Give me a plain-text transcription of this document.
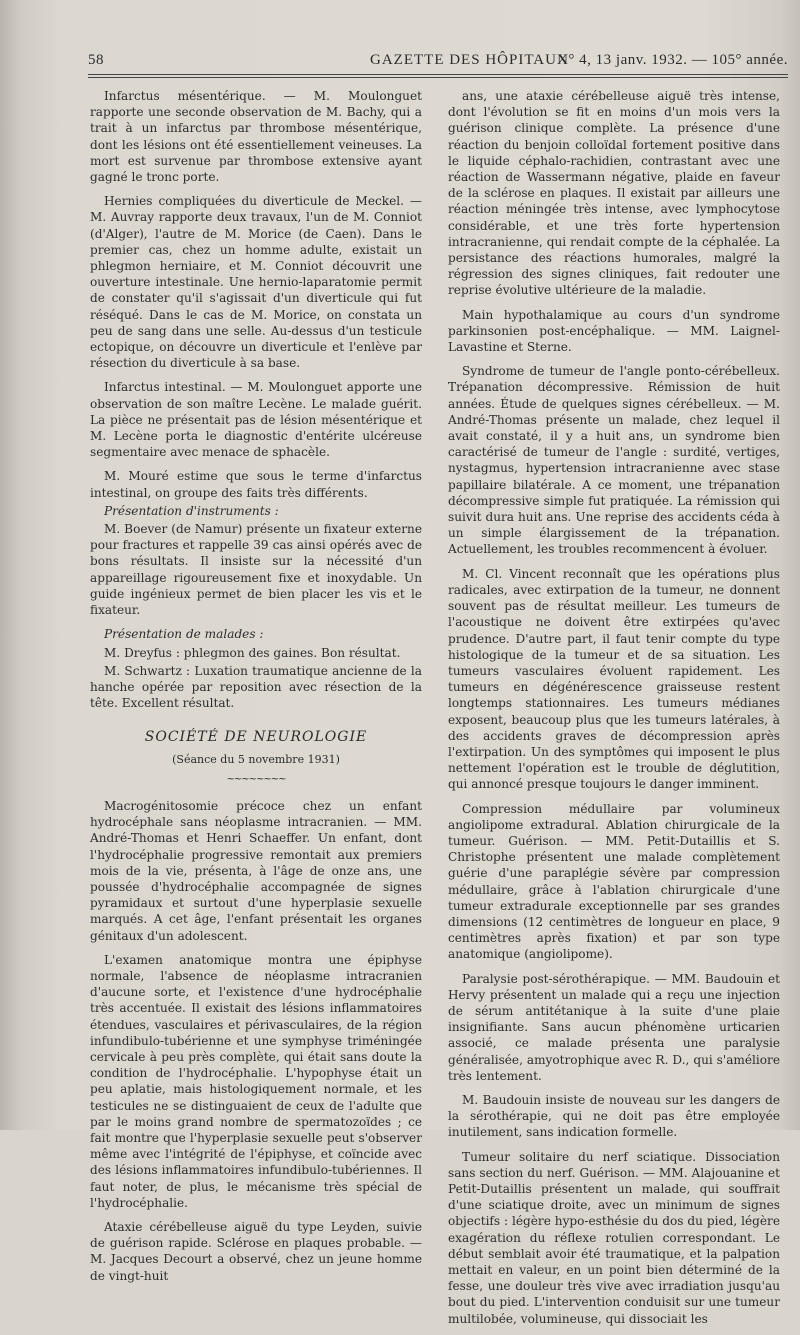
58	GAZETTE DES HÔPITAUX
N° 4, 13 janv. 1932. — 105° année.

Infarctus mésentérique. — M. Moulonguet rapporte une seconde observation de M. Bachy, qui a trait à un infarctus par thrombose mésentérique, dont les lésions ont été essentiellement veineuses. La mort est survenue par thrombose extensive ayant gagné le tronc porte.

Hernies compliquées du diverticule de Meckel. — M. Auvray rapporte deux travaux, l'un de M. Conniot (d'Alger), l'autre de M. Morice (de Caen). Dans le premier cas, chez un homme adulte, existait un phlegmon herniaire, et M. Conniot découvrit une ouverture intestinale. Une hernio-laparatomie permit de constater qu'il s'agissait d'un diverticule qui fut réséqué. Dans le cas de M. Morice, on constata un peu de sang dans une selle. Au-dessus d'un testicule ectopique, on découvre un diverticule et l'enlève par résection du diverticule à sa base.

Infarctus intestinal. — M. Moulonguet apporte une observation de son maître Lecène. Le malade guérit. La pièce ne présentait pas de lésion mésentérique et M. Lecène porta le diagnostic d'entérite ulcéreuse segmentaire avec menace de sphacèle.

M. Mouré estime que sous le terme d'infarctus intestinal, on groupe des faits très différents.

Présentation d'instruments :

M. Boever (de Namur) présente un fixateur externe pour fractures et rappelle 39 cas ainsi opérés avec de bons résultats. Il insiste sur la nécessité d'un appareillage rigoureusement fixe et inoxydable. Un guide ingénieux permet de bien placer les vis et le fixateur.

Présentation de malades :

M. Dreyfus : phlegmon des gaines. Bon résultat.

M. Schwartz : Luxation traumatique ancienne de la hanche opérée par reposition avec résection de la tête. Excellent résultat.

SOCIÉTÉ DE NEUROLOGIE
(Séance du 5 novembre 1931)
~~~~~~~~

Macrogénitosomie précoce chez un enfant hydrocéphale sans néoplasme intracranien. — MM. André-Thomas et Henri Schaeffer. Un enfant, dont l'hydrocéphalie progressive remontait aux premiers mois de la vie, présenta, à l'âge de onze ans, une poussée d'hydrocéphalie accompagnée de signes pyramidaux et surtout d'une hyperplasie sexuelle marqués. A cet âge, l'enfant présentait les organes génitaux d'un adolescent.

L'examen anatomique montra une épiphyse normale, l'absence de néoplasme intracranien d'aucune sorte, et l'existence d'une hydrocéphalie très accentuée. Il existait des lésions inflammatoires étendues, vasculaires et périvasculaires, de la région infundibulo-tubérienne et une symphyse triméningée cervicale à peu près complète, qui était sans doute la condition de l'hydrocéphalie. L'hypophyse était un peu aplatie, mais histologiquement normale, et les testicules ne se distinguaient de ceux de l'adulte que par le moins grand nombre de spermatozoïdes ; ce fait montre que l'hyperplasie sexuelle peut s'observer même avec l'intégrité de l'épiphyse, et coïncide avec des lésions inflammatoires infundibulo-tubériennes. Il faut noter, de plus, le mécanisme très spécial de l'hydrocéphalie.

Ataxie cérébelleuse aiguë du type Leyden, suivie de guérison rapide. Sclérose en plaques probable. — M. Jacques Decourt a observé, chez un jeune homme de vingt-huit

ans, une ataxie cérébelleuse aiguë très intense, dont l'évolution se fit en moins d'un mois vers la guérison clinique complète. La présence d'une réaction du benjoin colloïdal fortement positive dans le liquide céphalo-rachidien, contrastant avec une réaction de Wassermann négative, plaide en faveur de la sclérose en plaques. Il existait par ailleurs une réaction méningée très intense, avec lymphocytose considérable, et une très forte hypertension intracranienne, qui rendait compte de la céphalée. La persistance des réactions humorales, malgré la régression des signes cliniques, fait redouter une reprise évolutive ultérieure de la maladie.

Main hypothalamique au cours d'un syndrome parkinsonien post-encéphalique. — MM. Laignel-Lavastine et Sterne.

Syndrome de tumeur de l'angle ponto-cérébelleux. Trépanation décompressive. Rémission de huit années. Étude de quelques signes cérébelleux. — M. André-Thomas présente un malade, chez lequel il avait constaté, il y a huit ans, un syndrome bien caractérisé de tumeur de l'angle : surdité, vertiges, nystagmus, hypertension intracranienne avec stase papillaire bilatérale. A ce moment, une trépanation décompressive simple fut pratiquée. La rémission qui suivit dura huit ans. Une reprise des accidents céda à un simple élargissement de la trépanation. Actuellement, les troubles recommencent à évoluer.

M. Cl. Vincent reconnaît que les opérations plus radicales, avec extirpation de la tumeur, ne donnent souvent pas de résultat meilleur. Les tumeurs de l'acoustique ne doivent être extirpées qu'avec prudence. D'autre part, il faut tenir compte du type histologique de la tumeur et de sa situation. Les tumeurs vasculaires évoluent rapidement. Les tumeurs en dégénérescence graisseuse restent longtemps stationnaires. Les tumeurs médianes exposent, beaucoup plus que les tumeurs latérales, à des accidents graves de décompression après l'extirpation. Un des symptômes qui imposent le plus nettement l'opération est le trouble de déglutition, qui annoncé presque toujours le danger imminent.

Compression médullaire par volumineux angiolipome extradural. Ablation chirurgicale de la tumeur. Guérison. — MM. Petit-Dutaillis et S. Christophe présentent une malade complètement guérie d'une paraplégie sévère par compression médullaire, grâce à l'ablation chirurgicale d'une tumeur extradurale exceptionnelle par ses grandes dimensions (12 centimètres de longueur en place, 9 centimètres après fixation) et par son type anatomique (angiolipome).

Paralysie post-sérothérapique. — MM. Baudouin et Hervy présentent un malade qui a reçu une injection de sérum antitétanique à la suite d'une plaie insignifiante. Sans aucun phénomène urticarien associé, ce malade présenta une paralysie généralisée, amyotrophique avec R. D., qui s'améliore très lentement.

M. Baudouin insiste de nouveau sur les dangers de la sérothérapie, qui ne doit pas être employée inutilement, sans indication formelle.

Tumeur solitaire du nerf sciatique. Dissociation sans section du nerf. Guérison. — MM. Alajouanine et Petit-Dutaillis présentent un malade, qui souffrait d'une sciatique droite, avec un minimum de signes objectifs : légère hypo-esthésie du dos du pied, légère exagération du réflexe rotulien correspondant. Le début semblait avoir été traumatique, et la palpation mettait en valeur, en un point bien déterminé de la fesse, une douleur très vive avec irradiation jusqu'au bout du pied. L'intervention conduisit sur une tumeur multilobée, volumineuse, qui dissociait les
